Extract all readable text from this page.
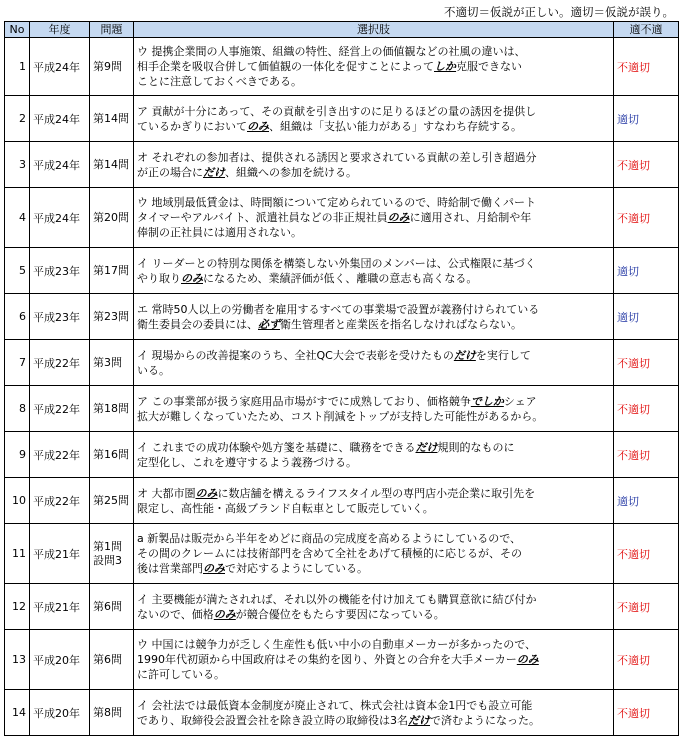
不適切＝仮説が正しい。適切＝仮説が誤り。
No	年度	問題	選択肢	適不適
1	平成24年	第9問	ウ 提携企業間の人事施策、組織の特性、経営上の価値観などの社風の違いは、
相手企業を吸収合併して価値観の一体化を促すことによってしか克服できない
ことに注意しておくべきである。	不適切
2	平成24年	第14問	ア 貢献が十分にあって、その貢献を引き出すのに足りるほどの量の誘因を提供し
ているかぎりにおいてのみ、組織は「支払い能力がある」すなわち存続する。	適切
3	平成24年	第14問	オ それぞれの参加者は、提供される誘因と要求されている貢献の差し引き超過分
が正の場合にだけ、組織への参加を続ける。	不適切
4	平成24年	第20問	ウ 地域別最低賃金は、時間額について定められているので、時給制で働くパート
タイマーやアルバイト、派遣社員などの非正規社員のみに適用され、月給制や年
俸制の正社員には適用されない。	不適切
5	平成23年	第17問	イ リーダーとの特別な関係を構築しない外集団のメンバーは、公式権限に基づく
やり取りのみになるため、業績評価が低く、離職の意志も高くなる。	適切
6	平成23年	第23問	エ 常時50人以上の労働者を雇用するすべての事業場で設置が義務付けられている
衛生委員会の委員には、必ず衛生管理者と産業医を指名しなければならない。	適切
7	平成22年	第3問	イ 現場からの改善提案のうち、全社QC大会で表彰を受けたものだけを実行して
いる。	不適切
8	平成22年	第18問	ア この事業部が扱う家庭用品市場がすでに成熟しており、価格競争でしかシェア
拡大が難しくなっていたため、コスト削減をトップが支持した可能性があるから。	不適切
9	平成22年	第16問	イ これまでの成功体験や処方箋を基礎に、職務をできるだけ規則的なものに
定型化し、これを遵守するよう義務づける。	不適切
10	平成22年	第25問	オ 大都市圏のみに数店舗を構えるライフスタイル型の専門店小売企業に取引先を
限定し、高性能・高級ブランド自転車として販売していく。	適切
11	平成21年	第1問
設問3	a 新製品は販売から半年をめどに商品の完成度を高めるようにしているので、
その間のクレームには技術部門を含めて全社をあげて積極的に応じるが、その
後は営業部門のみで対応するようにしている。	不適切
12	平成21年	第6問	イ 主要機能が満たされれば、それ以外の機能を付け加えても購買意欲に結び付か
ないので、価格のみが競合優位をもたらす要因になっている。	不適切
13	平成20年	第6問	ウ 中国には競争力が乏しく生産性も低い中小の自動車メーカーが多かったので、
1990年代初頭から中国政府はその集約を図り、外資との合弁を大手メーカーのみ
に許可している。	不適切
14	平成20年	第8問	イ 会社法では最低資本金制度が廃止されて、株式会社は資本金1円でも設立可能
であり、取締役会設置会社を除き設立時の取締役は3名だけで済むようになった。	不適切
